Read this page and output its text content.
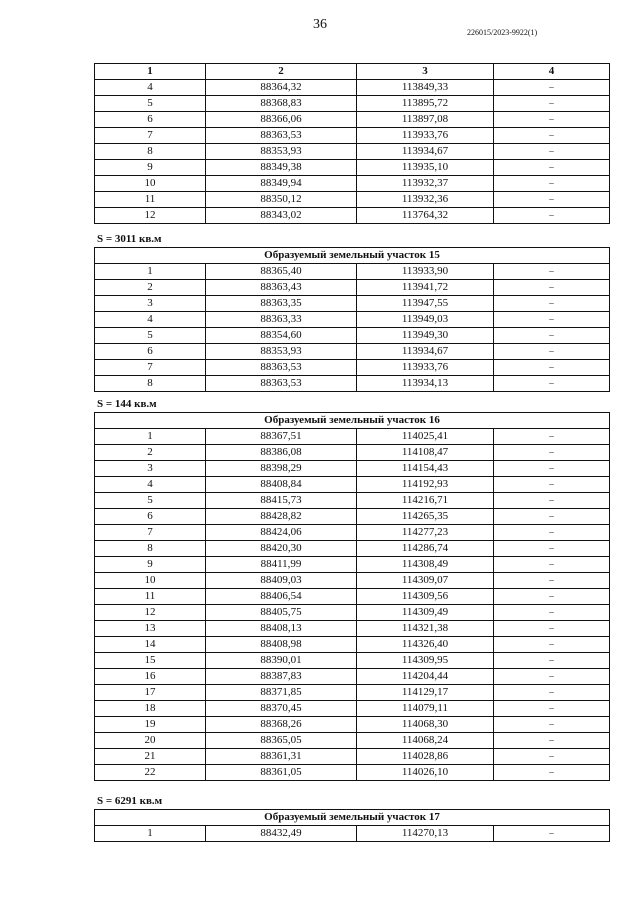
36
226015/2023-9922(1)
1	2	3	4
4	88364,32	113849,33	–
5	88368,83	113895,72	–
6	88366,06	113897,08	–
7	88363,53	113933,76	–
8	88353,93	113934,67	–
9	88349,38	113935,10	–
10	88349,94	113932,37	–
11	88350,12	113932,36	–
12	88343,02	113764,32	–
S = 3011 кв.м
Образуемый земельный участок 15			
1	88365,40	113933,90	–
2	88363,43	113941,72	–
3	88363,35	113947,55	–
4	88363,33	113949,03	–
5	88354,60	113949,30	–
6	88353,93	113934,67	–
7	88363,53	113933,76	–
8	88363,53	113934,13	–
S = 144 кв.м
Образуемый земельный участок 16			
1	88367,51	114025,41	–
2	88386,08	114108,47	–
3	88398,29	114154,43	–
4	88408,84	114192,93	–
5	88415,73	114216,71	–
6	88428,82	114265,35	–
7	88424,06	114277,23	–
8	88420,30	114286,74	–
9	88411,99	114308,49	–
10	88409,03	114309,07	–
11	88406,54	114309,56	–
12	88405,75	114309,49	–
13	88408,13	114321,38	–
14	88408,98	114326,40	–
15	88390,01	114309,95	–
16	88387,83	114204,44	–
17	88371,85	114129,17	–
18	88370,45	114079,11	–
19	88368,26	114068,30	–
20	88365,05	114068,24	–
21	88361,31	114028,86	–
22	88361,05	114026,10	–
S = 6291 кв.м
Образуемый земельный участок 17
1	88432,49	114270,13	–
